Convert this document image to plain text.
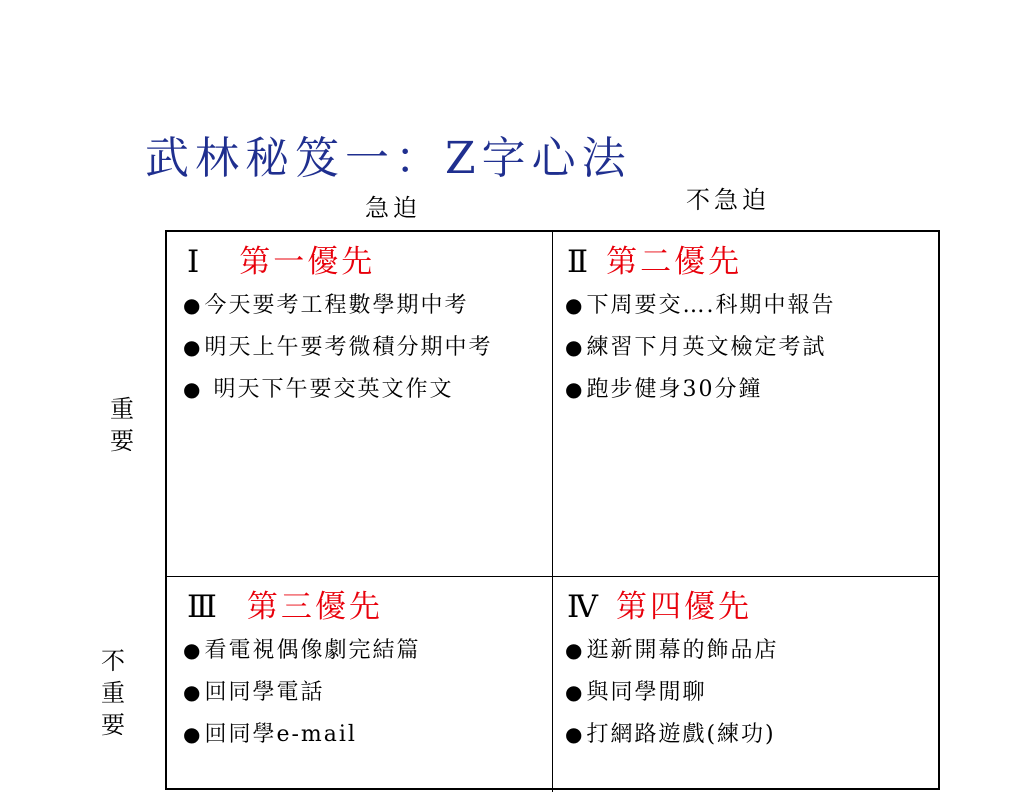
武林秘笈一：Z字心法
急迫	不急迫
重
要
不
重
要
Ⅰ 第一優先
●今天要考工程數學期中考
●明天上午要考微積分期中考
● 明天下午要交英文作文
Ⅱ 第二優先
●下周要交….科期中報告
●練習下月英文檢定考試
●跑步健身30分鐘
Ⅲ 第三優先
●看電視偶像劇完結篇
●回同學電話
●回同學e-mail
Ⅳ 第四優先
●逛新開幕的飾品店
●與同學閒聊
●打網路遊戲(練功)
